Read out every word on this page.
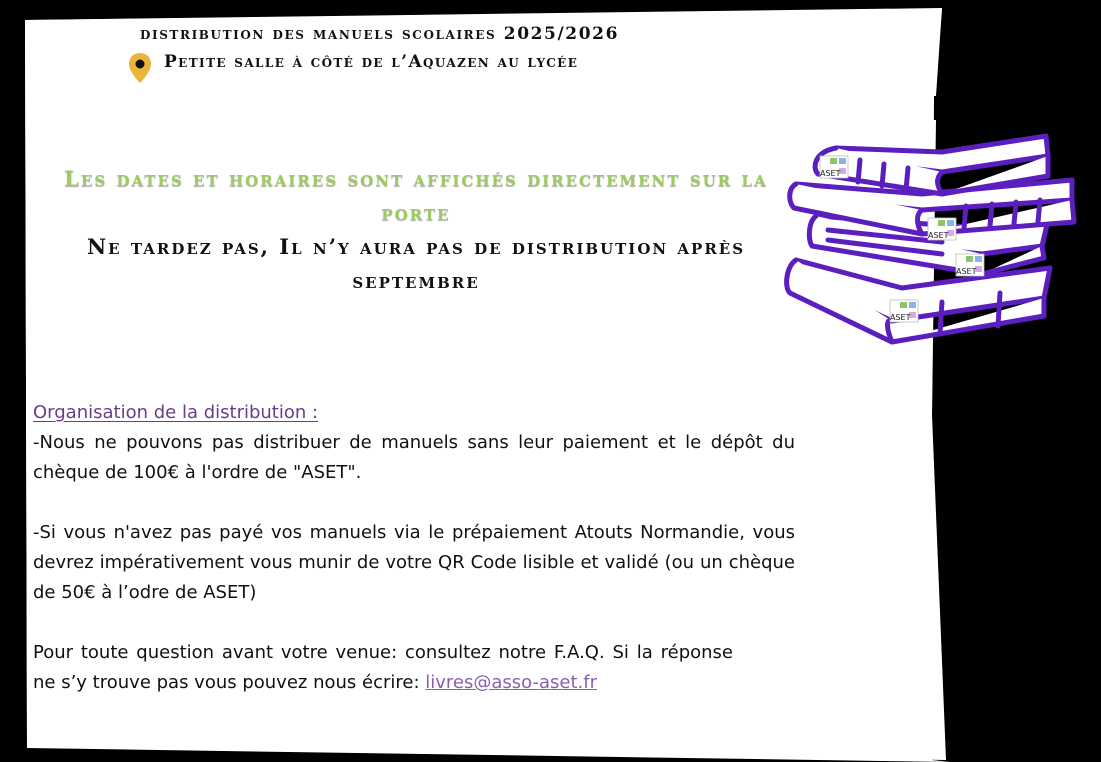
distribution des manuels scolaires 2025/2026
Petite salle à côté de l’Aquazen au lycée
Les dates et horaires sont affichés directement sur la porte
Ne tardez pas, Il n’y aura pas de distribution après septembre
ASET
ASET
ASET
ASET
Organisation de la distribution :

-Nous ne pouvons pas distribuer de manuels sans leur paiement et le dépôt du chèque de 100€ à l'ordre de "ASET".

-Si vous n'avez pas payé vos manuels via le prépaiement Atouts Normandie, vous devrez impérativement vous munir de votre QR Code lisible et validé (ou un chèque de 50€ à l’odre de ASET)

Pour toute question avant votre venue: consultez notre F.A.Q. Si la réponse ne s’y trouve pas vous pouvez nous écrire: livres@asso-aset.fr
